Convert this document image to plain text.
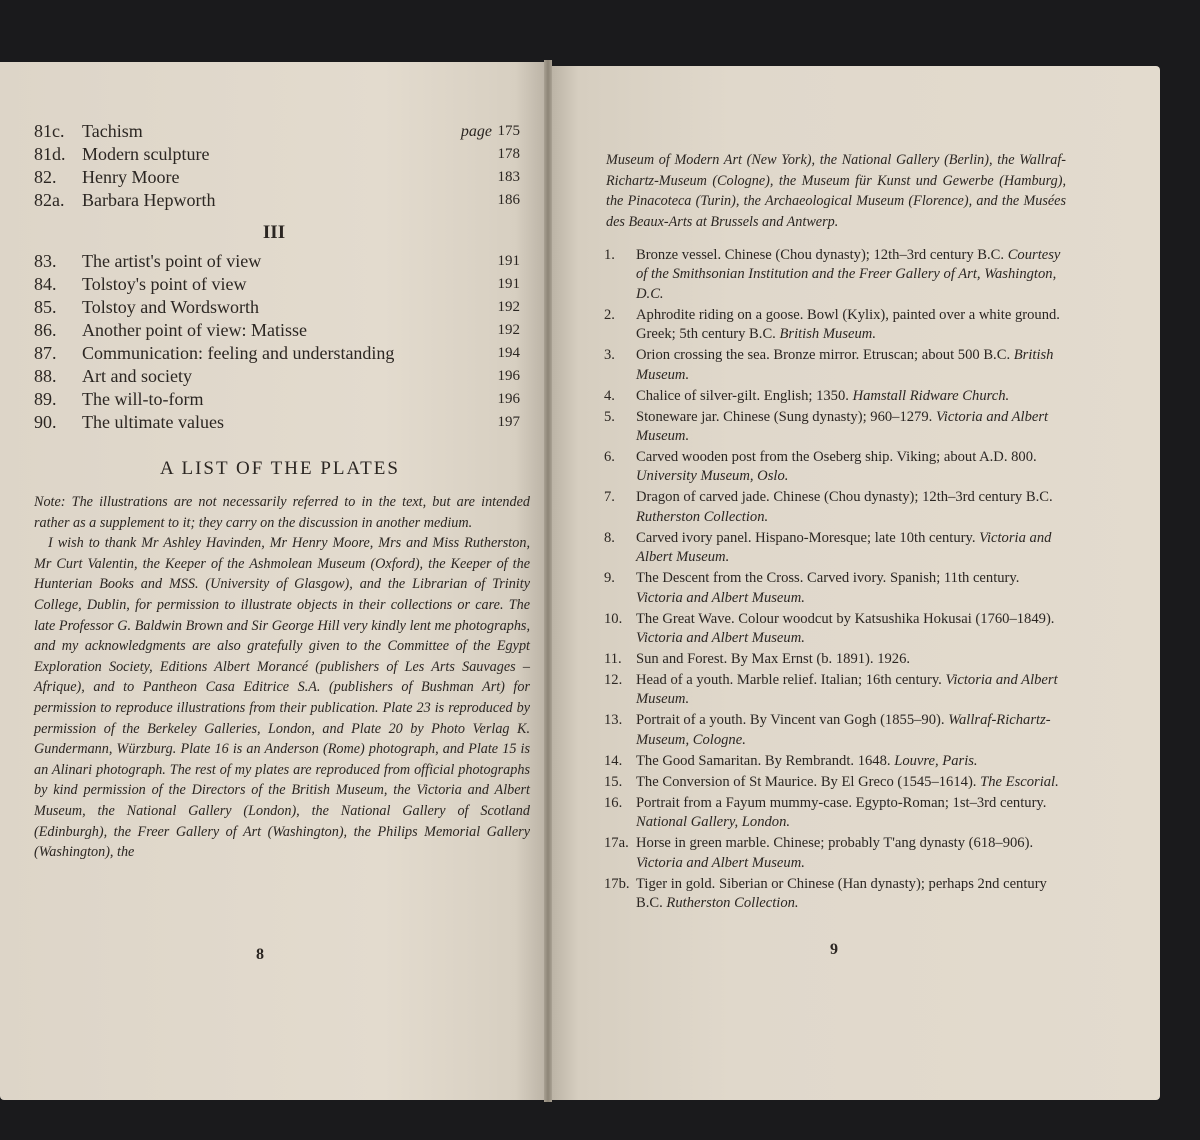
81c. Tachism	page 175
81d. Modern sculpture	178
82. Henry Moore	183
82a. Barbara Hepworth	186
III
83. The artist's point of view	191
84. Tolstoy's point of view	191
85. Tolstoy and Wordsworth	192
86. Another point of view: Matisse	192
87. Communication: feeling and understanding	194
88. Art and society	196
89. The will-to-form	196
90. The ultimate values	197
A LIST OF THE PLATES

Note: The illustrations are not necessarily referred to in the text, but are intended rather as a supplement to it; they carry on the discussion in another medium.

I wish to thank Mr Ashley Havinden, Mr Henry Moore, Mrs and Miss Rutherston, Mr Curt Valentin, the Keeper of the Ashmolean Museum (Oxford), the Keeper of the Hunterian Books and MSS. (University of Glasgow), and the Librarian of Trinity College, Dublin, for permission to illustrate objects in their collections or care. The late Professor G. Baldwin Brown and Sir George Hill very kindly lent me photographs, and my acknowledgments are also gratefully given to the Committee of the Egypt Exploration Society, Editions Albert Morancé (publishers of Les Arts Sauvages – Afrique), and to Pantheon Casa Editrice S.A. (publishers of Bushman Art) for permission to reproduce illustrations from their publication. Plate 23 is reproduced by permission of the Berkeley Galleries, London, and Plate 20 by Photo Verlag K. Gundermann, Würzburg. Plate 16 is an Anderson (Rome) photograph, and Plate 15 is an Alinari photograph. The rest of my plates are reproduced from official photographs by kind permission of the Directors of the British Museum, the Victoria and Albert Museum, the National Gallery (London), the National Gallery of Scotland (Edinburgh), the Freer Gallery of Art (Washington), the Philips Memorial Gallery (Washington), the

8
Museum of Modern Art (New York), the National Gallery (Berlin), the Wallraf-Richartz-Museum (Cologne), the Museum für Kunst und Gewerbe (Hamburg), the Pinacoteca (Turin), the Archaeological Museum (Florence), and the Musées des Beaux-Arts at Brussels and Antwerp.
1.	Bronze vessel. Chinese (Chou dynasty); 12th–3rd century B.C. Courtesy of the Smithsonian Institution and the Freer Gallery of Art, Washington, D.C.
2.	Aphrodite riding on a goose. Bowl (Kylix), painted over a white ground. Greek; 5th century B.C. British Museum.
3.	Orion crossing the sea. Bronze mirror. Etruscan; about 500 B.C. British Museum.
4.	Chalice of silver-gilt. English; 1350. Hamstall Ridware Church.
5.	Stoneware jar. Chinese (Sung dynasty); 960–1279. Victoria and Albert Museum.
6.	Carved wooden post from the Oseberg ship. Viking; about A.D. 800. University Museum, Oslo.
7.	Dragon of carved jade. Chinese (Chou dynasty); 12th–3rd century B.C. Rutherston Collection.
8.	Carved ivory panel. Hispano-Moresque; late 10th century. Victoria and Albert Museum.
9.	The Descent from the Cross. Carved ivory. Spanish; 11th century. Victoria and Albert Museum.
10. The Great Wave. Colour woodcut by Katsushika Hokusai (1760–1849). Victoria and Albert Museum.
11. Sun and Forest. By Max Ernst (b. 1891). 1926.
12. Head of a youth. Marble relief. Italian; 16th century. Victoria and Albert Museum.
13. Portrait of a youth. By Vincent van Gogh (1855–90). Wallraf-Richartz-Museum, Cologne.
14. The Good Samaritan. By Rembrandt. 1648. Louvre, Paris.
15. The Conversion of St Maurice. By El Greco (1545–1614). The Escorial.
16. Portrait from a Fayum mummy-case. Egypto-Roman; 1st–3rd century. National Gallery, London.
17a. Horse in green marble. Chinese; probably T'ang dynasty (618–906). Victoria and Albert Museum.
17b. Tiger in gold. Siberian or Chinese (Han dynasty); perhaps 2nd century B.C. Rutherston Collection.
9
